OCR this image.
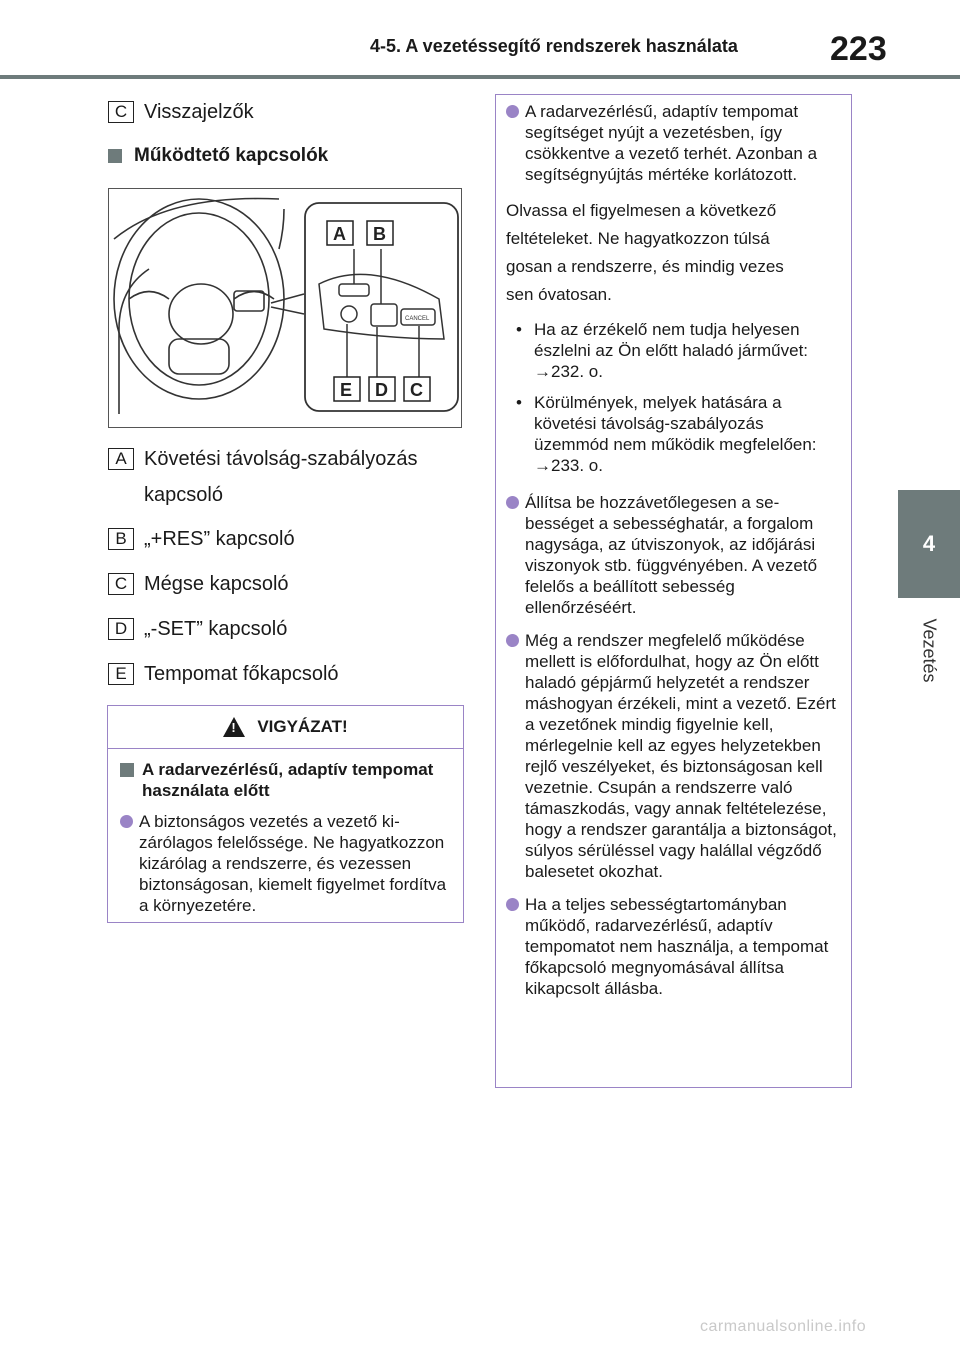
4-5. A vezetéssegítő rendszerek használata	223
4
Vezetés
C Visszajelzők
Működtető kapcsolók
A B
E D C
CANCEL
A Követési távolság-szabályozás
kapcsoló
B „+RES” kapcsoló
C Mégse kapcsoló
D „-SET” kapcsoló
E Tempomat főkapcsoló
!
VIGYÁZAT!
A radarvezérlésű, adaptív tempomat használata előtt
A biztonságos vezetés a vezető kizárólagos felelőssége. Ne hagyatkozzon kizárólag a rendszerre, és vezessen biztonságosan, kiemelt figyelmet fordítva a környezetére.
A radarvezérlésű, adaptív tempomat segítséget nyújt a vezetésben, így csökkentve a vezető terhét. Azonban a segítségnyújtás mértéke korlátozott.

Olvassa el figyelmesen a következő

feltételeket. Ne hagyatkozzon túlsá

gosan a rendszerre, és mindig vezes

sen óvatosan.

• Ha az érzékelő nem tudja helyesen észlelni az Ön előtt haladó járművet: →232. o.
• Körülmények, melyek hatására a követési távolság-szabályozás üzemmód nem működik megfelelően: →233. o.
Állítsa be hozzávetőlegesen a sebességet a sebességhatár, a forgalom nagysága, az útviszonyok, az időjárási viszonyok stb. függvényében. A vezető felelős a beállított sebesség ellenőrzéséért.
Még a rendszer megfelelő működése mellett is előfordulhat, hogy az Ön előtt haladó gépjármű helyzetét a rendszer máshogyan érzékeli, mint a vezető. Ezért a vezetőnek mindig figyelnie kell, mérlegelnie kell az egyes helyzetekben rejlő veszélyeket, és biztonságosan kell vezetnie. Csupán a rendszerre való támaszkodás, vagy annak feltételezése, hogy a rendszer garantálja a biztonságot, súlyos sérüléssel vagy halállal végződő balesetet okozhat.
Ha a teljes sebességtartományban működő, radarvezérlésű, adaptív tempomatot nem használja, a tempomat főkapcsoló megnyomásával állítsa kikapcsolt állásba.
carmanualsonline.info
